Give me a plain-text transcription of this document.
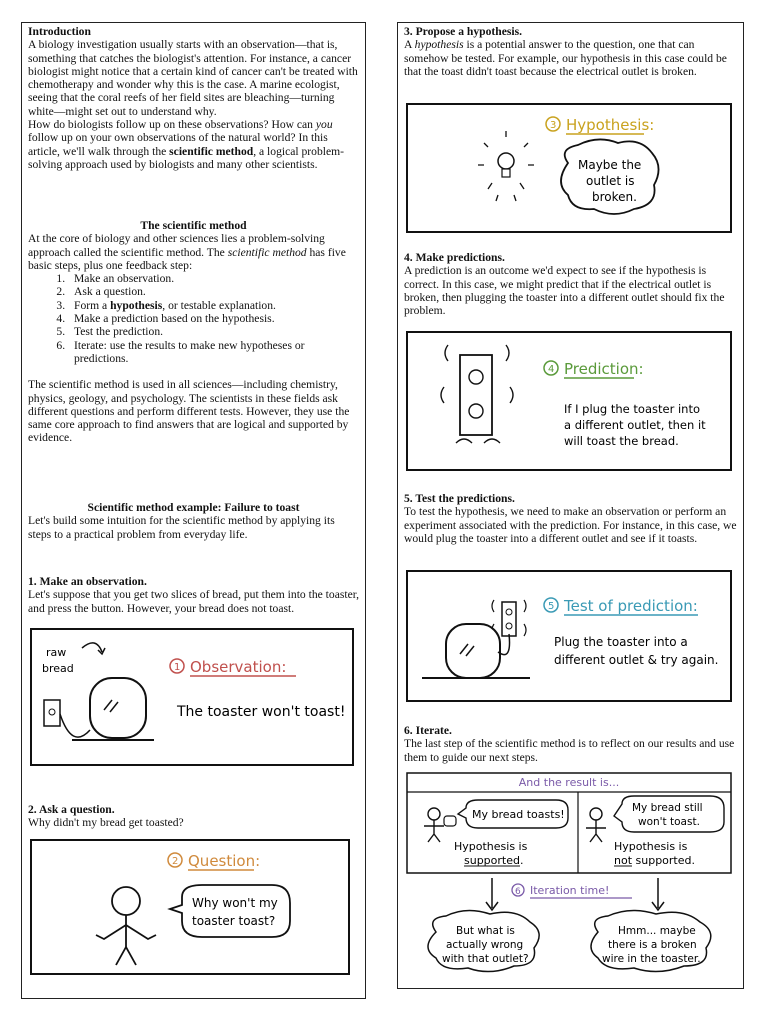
Introduction
A biology investigation usually starts with an observation—that is, something that catches the biologist's attention. For instance, a cancer biologist might notice that a certain kind of cancer can't be treated with chemotherapy and wonder why this is the case. A marine ecologist, seeing that the coral reefs of her field sites are bleaching—turning white—might set out to understand why.
How do biologists follow up on these observations? How can you follow up on your own observations of the natural world? In this article, we'll walk through the scientific method, a logical problem-solving approach used by biologists and many other scientists.
The scientific method
At the core of biology and other sciences lies a problem-solving approach called the scientific method. The scientific method has five basic steps, plus one feedback step:
1. Make an observation.
2. Ask a question.
3. Form a hypothesis, or testable explanation.
4. Make a prediction based on the hypothesis.
5. Test the prediction.
6. Iterate: use the results to make new hypotheses or predictions.
The scientific method is used in all sciences—including chemistry, physics, geology, and psychology. The scientists in these fields ask different questions and perform different tests. However, they use the same core approach to find answers that are logical and supported by evidence.
Scientific method example: Failure to toast
Let's build some intuition for the scientific method by applying its steps to a practical problem from everyday life.
1. Make an observation.
Let's suppose that you get two slices of bread, put them into the toaster, and press the button. However, your bread does not toast.
raw
bread	1 Observation:
The toaster won't toast!
2. Ask a question.
Why didn't my bread get toasted?
2 Question:
Why won't my
toaster toast?
3. Propose a hypothesis.
A hypothesis is a potential answer to the question, one that can somehow be tested. For example, our hypothesis in this case could be that the toast didn't toast because the electrical outlet is broken.
3 Hypothesis:
Maybe the
outlet is
broken.
4. Make predictions.
A prediction is an outcome we'd expect to see if the hypothesis is correct. In this case, we might predict that if the electrical outlet is broken, then plugging the toaster into a different outlet should fix the problem.
4 Prediction:
If I plug the toaster into
a different outlet, then it
will toast the bread.
5. Test the predictions.
To test the hypothesis, we need to make an observation or perform an experiment associated with the prediction. For instance, in this case, we would plug the toaster into a different outlet and see if it toasts.
5 Test of prediction:
Plug the toaster into a
different outlet & try again.
6. Iterate.
The last step of the scientific method is to reflect on our results and use them to guide our next steps.
And the result is...
My bread toasts!
Hypothesis is
supported.
My bread still
won't toast.
Hypothesis is
not supported.
6 Iteration time!
But what is
actually wrong
with that outlet?
Hmm... maybe
there is a broken
wire in the toaster.
